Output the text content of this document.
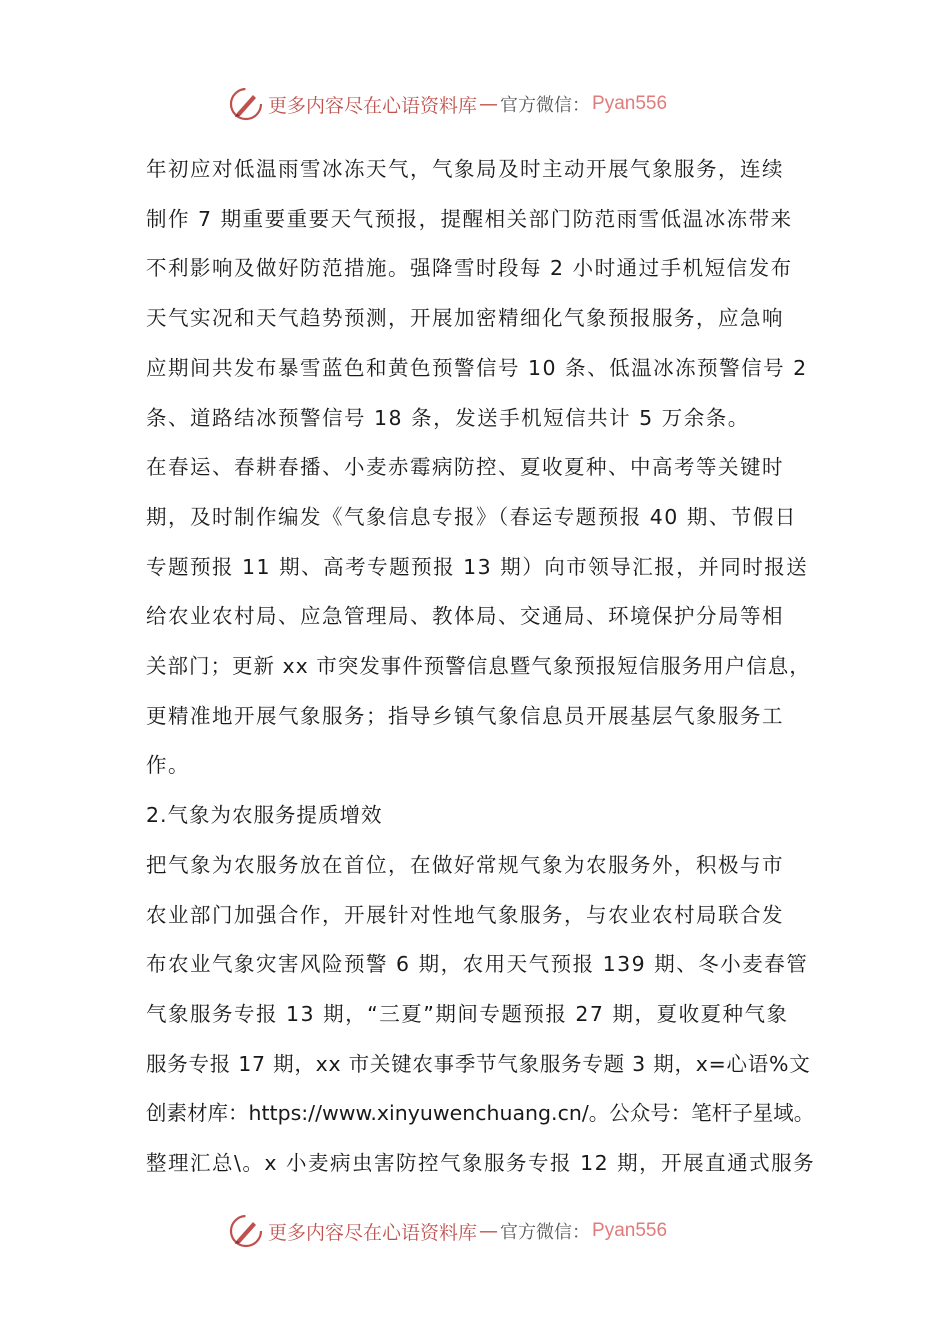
更多内容尽在心语资料库 — 官方微信： Pyan556

年初应对低温雨雪冰冻天气，气象局及时主动开展气象服务，连续

制作 7 期重要重要天气预报，提醒相关部门防范雨雪低温冰冻带来

不利影响及做好防范措施。强降雪时段每 2 小时通过手机短信发布

天气实况和天气趋势预测，开展加密精细化气象预报服务，应急响

应期间共发布暴雪蓝色和黄色预警信号 10 条、低温冰冻预警信号 2

条、道路结冰预警信号 18 条，发送手机短信共计 5 万余条。

在春运、春耕春播、小麦赤霉病防控、夏收夏种、中高考等关键时

期，及时制作编发《气象信息专报》（春运专题预报 40 期、节假日

专题预报 11 期、高考专题预报 13 期）向市领导汇报，并同时报送

给农业农村局、应急管理局、教体局、交通局、环境保护分局等相

关部门；更新 xx 市突发事件预警信息暨气象预报短信服务用户信息，

更精准地开展气象服务；指导乡镇气象信息员开展基层气象服务工

作。

2.气象为农服务提质增效

把气象为农服务放在首位，在做好常规气象为农服务外，积极与市

农业部门加强合作，开展针对性地气象服务，与农业农村局联合发

布农业气象灾害风险预警 6 期，农用天气预报 139 期、冬小麦春管

气象服务专报 13 期，“三夏”期间专题预报 27 期，夏收夏种气象

服务专报 17 期，xx 市关键农事季节气象服务专题 3 期，x=心语%文

创素材库：https://www.xinyuwenchuang.cn/。公众号：笔杆子星域。

整理汇总\。x 小麦病虫害防控气象服务专报 12 期，开展直通式服务

更多内容尽在心语资料库 — 官方微信： Pyan556
